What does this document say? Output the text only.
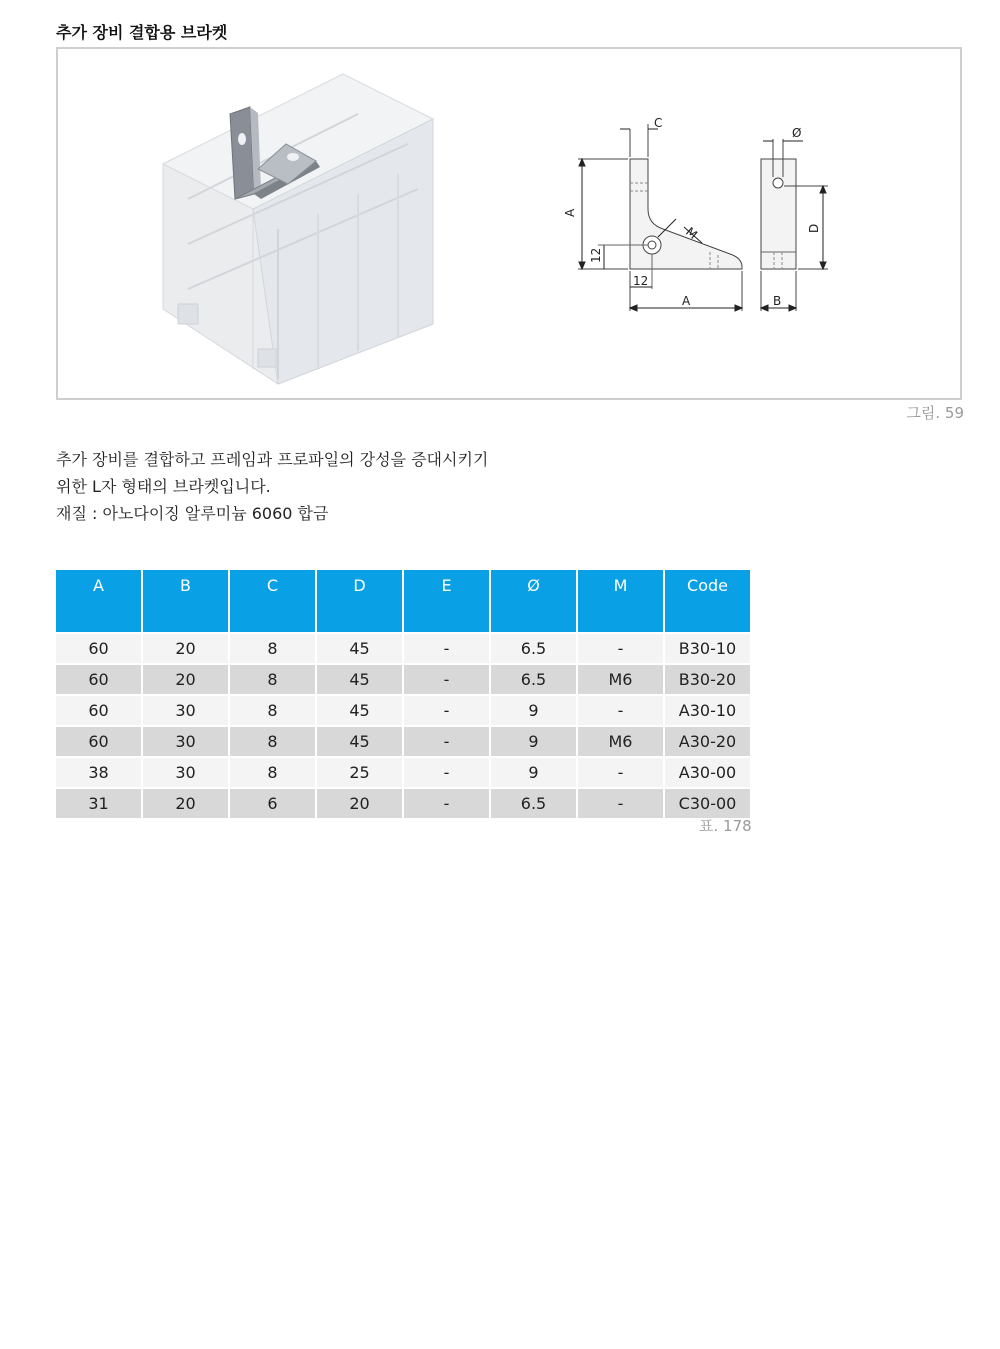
추가 장비 결합용 브라켓
C
Ø
A
12
M
12
A
D
B
그림. 59
추가 장비를 결합하고 프레임과 프로파일의 강성을 증대시키기
위한 L자 형태의 브라켓입니다.
재질 : 아노다이징 알루미늄 6060 합금
A	B	C	D	E	Ø	M	Code
60	20	8	45	-	6.5	-	B30-10
60	20	8	45	-	6.5	M6	B30-20
60	30	8	45	-	9	-	A30-10
60	30	8	45	-	9	M6	A30-20
38	30	8	25	-	9	-	A30-00
31	20	6	20	-	6.5	-	C30-00
표. 178
